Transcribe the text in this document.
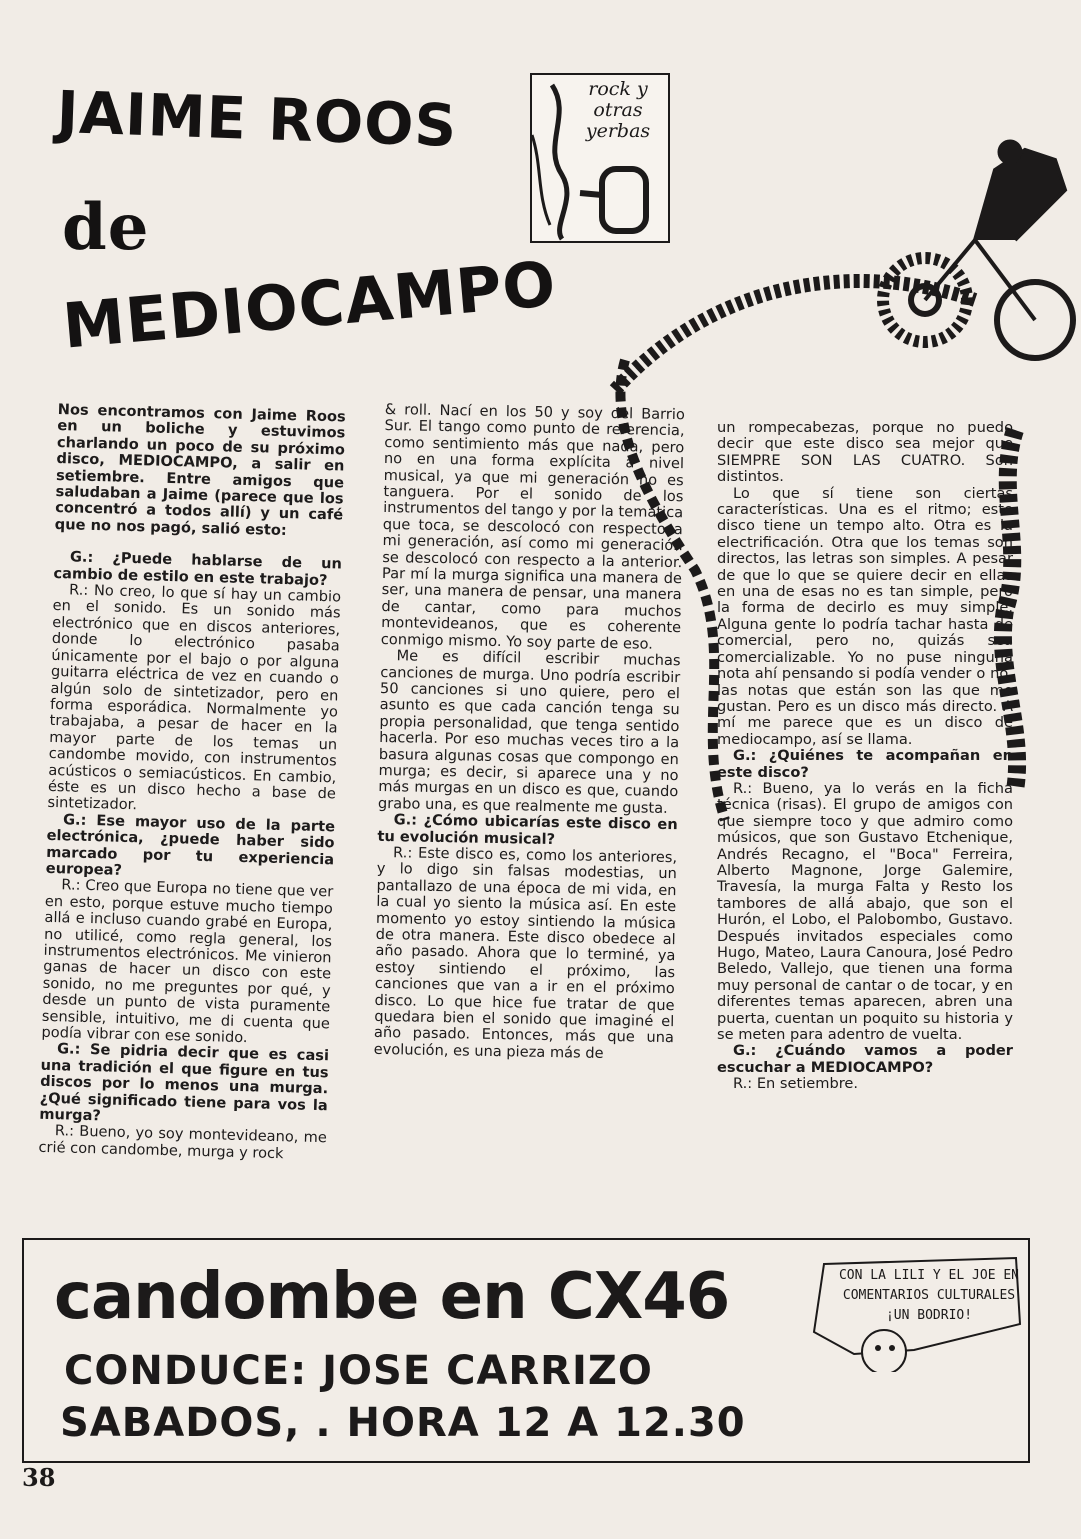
JAIME ROOS
de
MEDIOCAMPO
rock y otras yerbas

Nos encontramos con Jaime Roos en un boliche y estuvimos charlando un poco de su próximo disco, MEDIOCAMPO, a salir en setiembre. Entre amigos que saludaban a Jaime (parece que los concentró a todos allí) y un café que no nos pagó, salió esto:

G.: ¿Puede hablarse de un cambio de estilo en este trabajo?

R.: No creo, lo que sí hay un cambio en el sonido. Es un sonido más electrónico que en discos anteriores, donde lo electrónico pasaba únicamente por el bajo o por alguna guitarra eléctrica de vez en cuando o algún solo de sintetizador, pero en forma esporádica. Normalmente yo trabajaba, a pesar de hacer en la mayor parte de los temas un candombe movido, con instrumentos acústicos o semiacústicos. En cambio, éste es un disco hecho a base de sintetizador.

G.: Ese mayor uso de la parte electrónica, ¿puede haber sido marcado por tu experiencia europea?

R.: Creo que Europa no tiene que ver en esto, porque estuve mucho tiempo allá e incluso cuando grabé en Europa, no utilicé, como regla general, los instrumentos electrónicos. Me vinieron ganas de hacer un disco con este sonido, no me preguntes por qué, y desde un punto de vista puramente sensible, intuitivo, me di cuenta que podía vibrar con ese sonido.

G.: Se pidria decir que es casi una tradición el que figure en tus discos por lo menos una murga. ¿Qué significado tiene para vos la murga?

R.: Bueno, yo soy montevideano, me crié con candombe, murga y rock

& roll. Nací en los 50 y soy del Barrio Sur. El tango como punto de referencia, como sentimiento más que nada, pero no en una forma explícita a nivel musical, ya que mi generación no es tanguera. Por el sonido de los instrumentos del tango y por la temática que toca, se descolocó con respecto a mi generación, así como mi generación se descolocó con respecto a la anterior. Par mí la murga significa una manera de ser, una manera de pensar, una manera de cantar, como para muchos montevideanos, que es coherente conmigo mismo. Yo soy parte de eso.

Me es difícil escribir muchas canciones de murga. Uno podría escribir 50 canciones si uno quiere, pero el asunto es que cada canción tenga su propia personalidad, que tenga sentido hacerla. Por eso muchas veces tiro a la basura algunas cosas que compongo en murga; es decir, si aparece una y no más murgas en un disco es que, cuando grabo una, es que realmente me gusta.

G.: ¿Cómo ubicarías este disco en tu evolución musical?

R.: Este disco es, como los anteriores, y lo digo sin falsas modestias, un pantallazo de una época de mi vida, en la cual yo siento la música así. En este momento yo estoy sintiendo la música de otra manera. Este disco obedece al año pasado. Ahora que lo terminé, ya estoy sintiendo el próximo, las canciones que van a ir en el próximo disco. Lo que hice fue tratar de que quedara bien el sonido que imaginé el año pasado. Entonces, más que una evolución, es una pieza más de

un rompecabezas, porque no puedo decir que este disco sea mejor que SIEMPRE SON LAS CUATRO. Son distintos.

Lo que sí tiene son ciertas características. Una es el ritmo; este disco tiene un tempo alto. Otra es la electrificación. Otra que los temas son directos, las letras son simples. A pesar de que lo que se quiere decir en ellas en una de esas no es tan simple, pero la forma de decirlo es muy simple. Alguna gente lo podría tachar hasta de comercial, pero no, quizás sea comercializable. Yo no puse ninguna nota ahí pensando si podía vender o no, las notas que están son las que me gustan. Pero es un disco más directo. A mí me parece que es un disco de mediocampo, así se llama.

G.: ¿Quiénes te acompañan en este disco?

R.: Bueno, ya lo verás en la ficha técnica (risas). El grupo de amigos con que siempre toco y que admiro como músicos, que son Gustavo Etchenique, Andrés Recagno, el "Boca" Ferreira, Alberto Magnone, Jorge Galemire, Travesía, la murga Falta y Resto los tambores de allá abajo, que son el Hurón, el Lobo, el Palobombo, Gustavo. Después invitados especiales como Hugo, Mateo, Laura Canoura, José Pedro Beledo, Vallejo, que tienen una forma muy personal de cantar o de tocar, y en diferentes temas aparecen, abren una puerta, cuentan un poquito su historia y se meten para adentro de vuelta.

G.: ¿Cuándo vamos a poder escuchar a MEDIOCAMPO?

R.: En setiembre.

candombe en CX46
CONDUCE: JOSE CARRIZO
SABADOS, . HORA 12 A 12.30
CON LA LILI Y EL JOE EN COMENTARIOS CULTURALES ¡UN BODRIO!
38
